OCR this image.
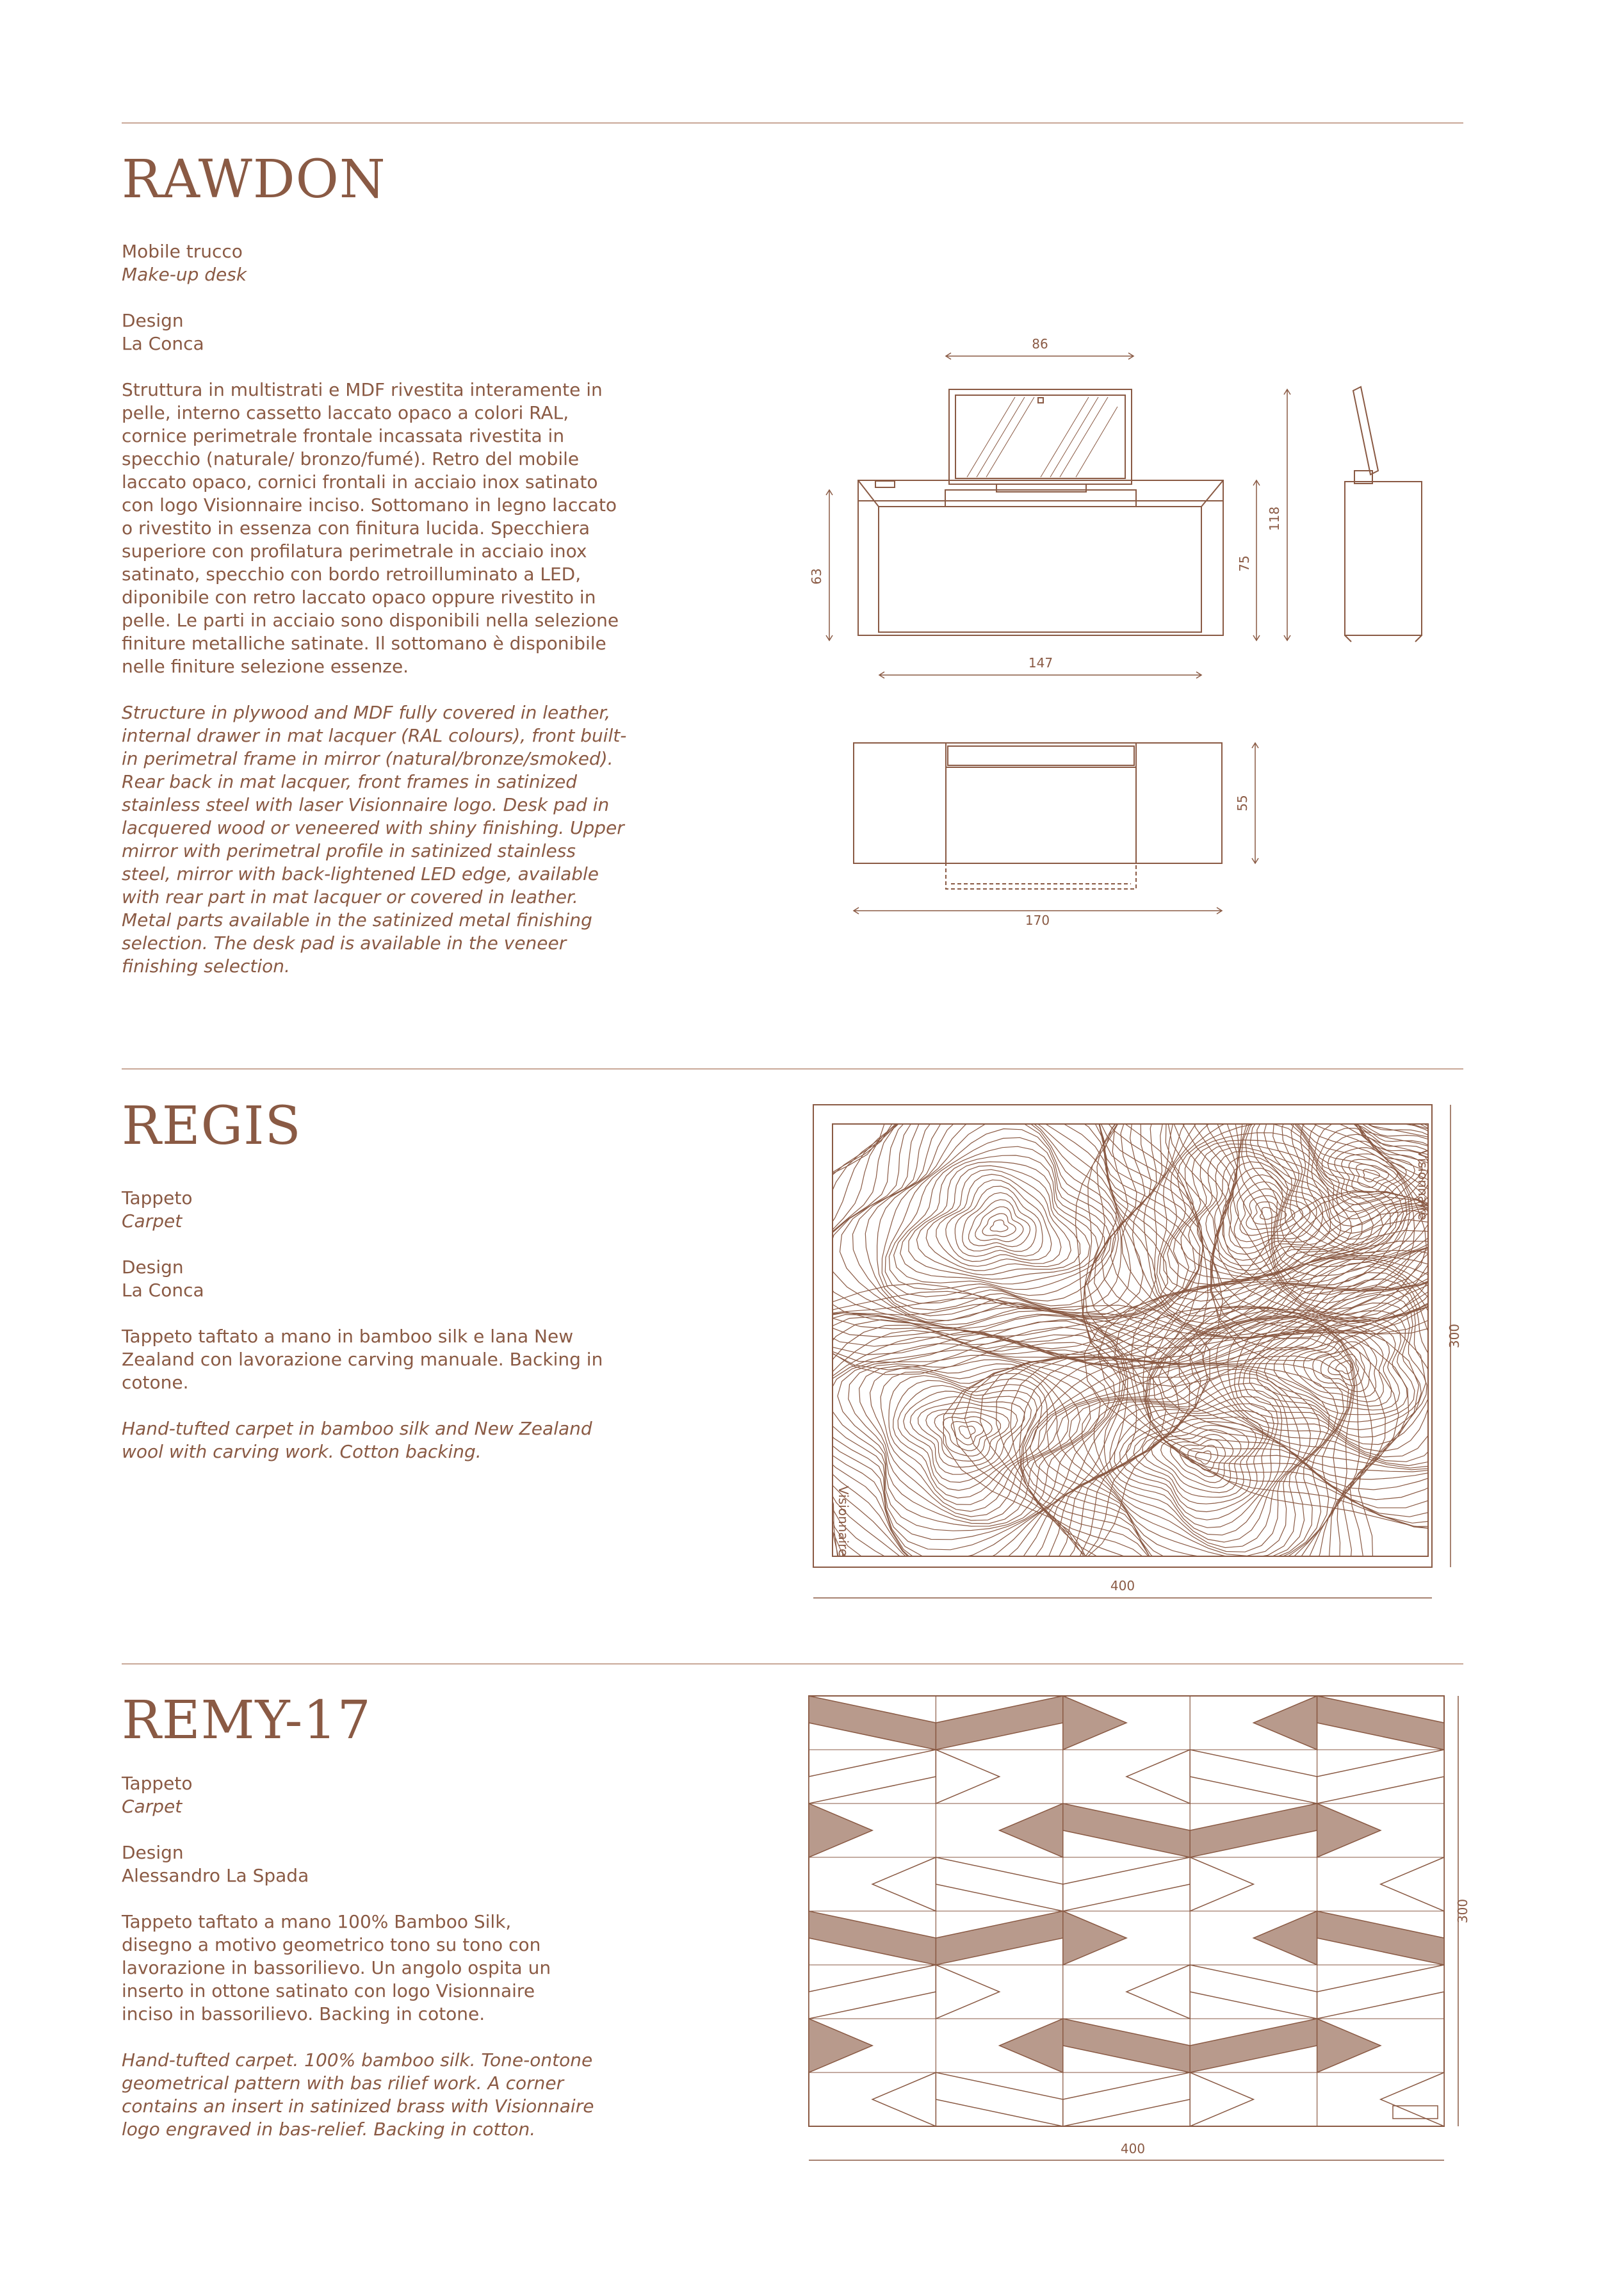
RAWDON

Mobile trucco

Make-up desk

Design

La Conca

Struttura in multistrati e MDF rivestita interamente in pelle, interno cassetto laccato opaco a colori RAL, cornice perimetrale frontale incassata rivestita in specchio (naturale/ bronzo/fumé). Retro del mobile laccato opaco, cornici frontali in acciaio inox satinato con logo Visionnaire inciso. Sottomano in legno laccato o rivestito in essenza con finitura lucida. Specchiera superiore con profilatura perimetrale in acciaio inox satinato, specchio con bordo retroilluminato a LED, diponibile con retro laccato opaco oppure rivestito in pelle. Le parti in acciaio sono disponibili nella selezione finiture metalliche satinate. Il sottomano è disponibile nelle finiture selezione essenze.

Structure in plywood and MDF fully covered in leather, internal drawer in mat lacquer (RAL colours), front built-in perimetral frame in mirror (natural/bronze/smoked). Rear back in mat lacquer, front frames in satinized stainless steel with laser Visionnaire logo. Desk pad in lacquered wood or veneered with shiny finishing. Upper mirror with perimetral profile in satinized stainless steel, mirror with back-lightened LED edge, available with rear part in mat lacquer or covered in leather. Metal parts available in the satinized metal finishing selection. The desk pad is available in the veneer finishing selection.

86
63
147
75
118
55
170
REGIS

Tappeto

Carpet

Design

La Conca

Tappeto taftato a mano in bamboo silk e lana New Zealand con lavorazione carving manuale. Backing in cotone.

Hand-tufted carpet in bamboo silk and New Zealand wool with carving work. Cotton backing.

Visionnaire
Visionnaire
300
400
REMY-17

Tappeto

Carpet

Design

Alessandro La Spada

Tappeto taftato a mano 100% Bamboo Silk, disegno a motivo geometrico tono su tono con lavorazione in bassorilievo. Un angolo ospita un inserto in ottone satinato con logo Visionnaire inciso in bassorilievo. Backing in cotone.

Hand-tufted carpet. 100% bamboo silk. Tone-ontone geometrical pattern with bas rilief work. A corner contains an insert in satinized brass with Visionnaire logo engraved in bas-relief. Backing in cotton.

300
400
